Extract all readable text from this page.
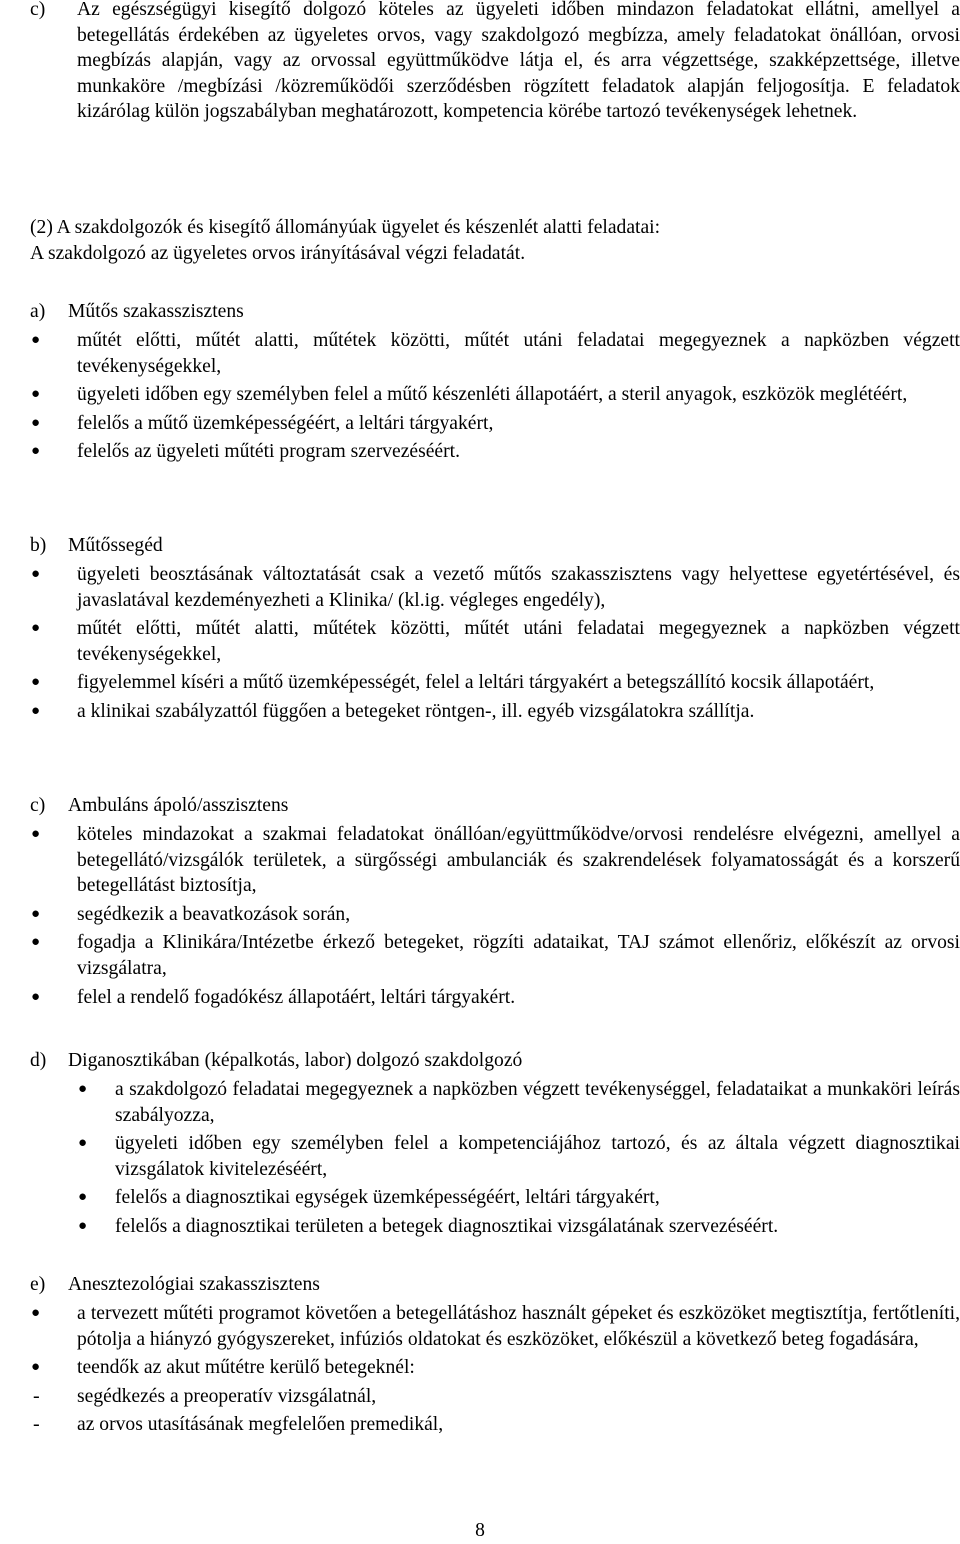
c) Az egészségügyi kisegítő dolgozó köteles az ügyeleti időben mindazon feladatokat ellátni, amellyel a betegellátás érdekében az ügyeletes orvos, vagy szakdolgozó megbízza, amely feladatokat önállóan, orvosi megbízás alapján, vagy az orvossal együttműködve látja el, és arra végzettsége, szakképzettsége, illetve munkaköre /megbízási /közreműködői szerződésben rögzített feladatok alapján feljogosítja. E feladatok kizárólag külön jogszabályban meghatározott, kompetencia körébe tartozó tevékenységek lehetnek.
(2) A szakdolgozók és kisegítő állományúak ügyelet és készenlét alatti feladatai:
A szakdolgozó az ügyeletes orvos irányításával végzi feladatát.
a) Műtős szakasszisztens
●	műtét előtti, műtét alatti, műtétek közötti, műtét utáni feladatai megegyeznek a napközben végzett tevékenységekkel,
●	ügyeleti időben egy személyben felel a műtő készenléti állapotáért, a steril anyagok, eszközök meglétéért,
●	felelős a műtő üzemképességéért, a leltári tárgyakért,
●	felelős az ügyeleti műtéti program szervezéséért.
b) Műtőssegéd
●	ügyeleti beosztásának változtatását csak a vezető műtős szakasszisztens vagy helyettese egyetértésével, és javaslatával kezdeményezheti a Klinika/ (kl.ig. végleges engedély),
●	műtét előtti, műtét alatti, műtétek közötti, műtét utáni feladatai megegyeznek a napközben végzett tevékenységekkel,
●	figyelemmel kíséri a műtő üzemképességét, felel a leltári tárgyakért a betegszállító kocsik állapotáért,
●	a klinikai szabályzattól függően a betegeket röntgen-, ill. egyéb vizsgálatokra szállítja.
c) Ambuláns ápoló/asszisztens
●	köteles mindazokat a szakmai feladatokat önállóan/együttműködve/orvosi rendelésre elvégezni, amellyel a betegellátó/vizsgálók területek, a sürgősségi ambulanciák és szakrendelések folyamatosságát és a korszerű betegellátást biztosítja,
●	segédkezik a beavatkozások során,
●	fogadja a Klinikára/Intézetbe érkező betegeket, rögzíti adataikat, TAJ számot ellenőriz, előkészít az orvosi vizsgálatra,
●	felel a rendelő fogadókész állapotáért, leltári tárgyakért.
d) Diganosztikában (képalkotás, labor) dolgozó szakdolgozó
●	a szakdolgozó feladatai megegyeznek a napközben végzett tevékenységgel, feladataikat a munkaköri leírás szabályozza,
●	ügyeleti időben egy személyben felel a kompetenciájához tartozó, és az általa végzett diagnosztikai vizsgálatok kivitelezéséért,
●	felelős a diagnosztikai egységek üzemképességéért, leltári tárgyakért,
●	felelős a diagnosztikai területen a betegek diagnosztikai vizsgálatának szervezéséért.
e) Anesztezológiai szakasszisztens
●	a tervezett műtéti programot követően a betegellátáshoz használt gépeket és eszközöket megtisztítja, fertőtleníti, pótolja a hiányzó gyógyszereket, infúziós oldatokat és eszközöket, előkészül a következő beteg fogadására,
●	teendők az akut műtétre kerülő betegeknél:
-	segédkezés a preoperatív vizsgálatnál,
-	az orvos utasításának megfelelően premedikál,
8
